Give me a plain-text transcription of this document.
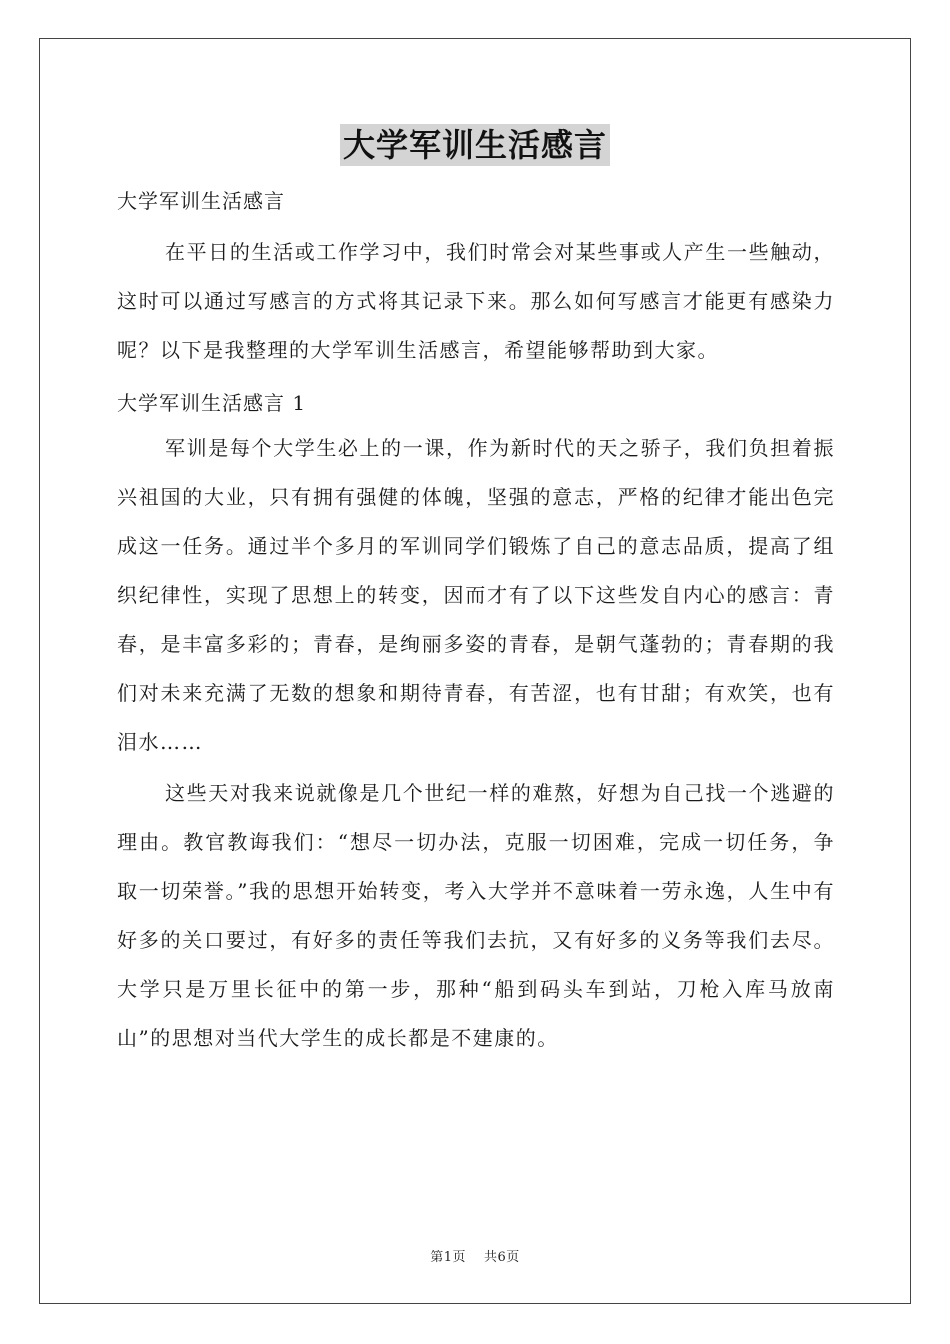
大学军训生活感言

大学军训生活感言

在平日的生活或工作学习中，我们时常会对某些事或人产生一些触动，这时可以通过写感言的方式将其记录下来。那么如何写感言才能更有感染力呢？以下是我整理的大学军训生活感言，希望能够帮助到大家。

大学军训生活感言 1

军训是每个大学生必上的一课，作为新时代的天之骄子，我们负担着振兴祖国的大业，只有拥有强健的体魄，坚强的意志，严格的纪律才能出色完成这一任务。通过半个多月的军训同学们锻炼了自己的意志品质，提高了组织纪律性，实现了思想上的转变，因而才有了以下这些发自内心的感言：青春，是丰富多彩的；青春，是绚丽多姿的青春，是朝气蓬勃的；青春期的我们对未来充满了无数的想象和期待青春，有苦涩，也有甘甜；有欢笑，也有泪水……

这些天对我来说就像是几个世纪一样的难熬，好想为自己找一个逃避的理由。教官教诲我们：“想尽一切办法，克服一切困难，完成一切任务，争取一切荣誉。”我的思想开始转变，考入大学并不意味着一劳永逸，人生中有好多的关口要过，有好多的责任等我们去抗，又有好多的义务等我们去尽。大学只是万里长征中的第一步，那种“船到码头车到站，刀枪入库马放南山”的思想对当代大学生的成长都是不建康的。

第1页 共6页
